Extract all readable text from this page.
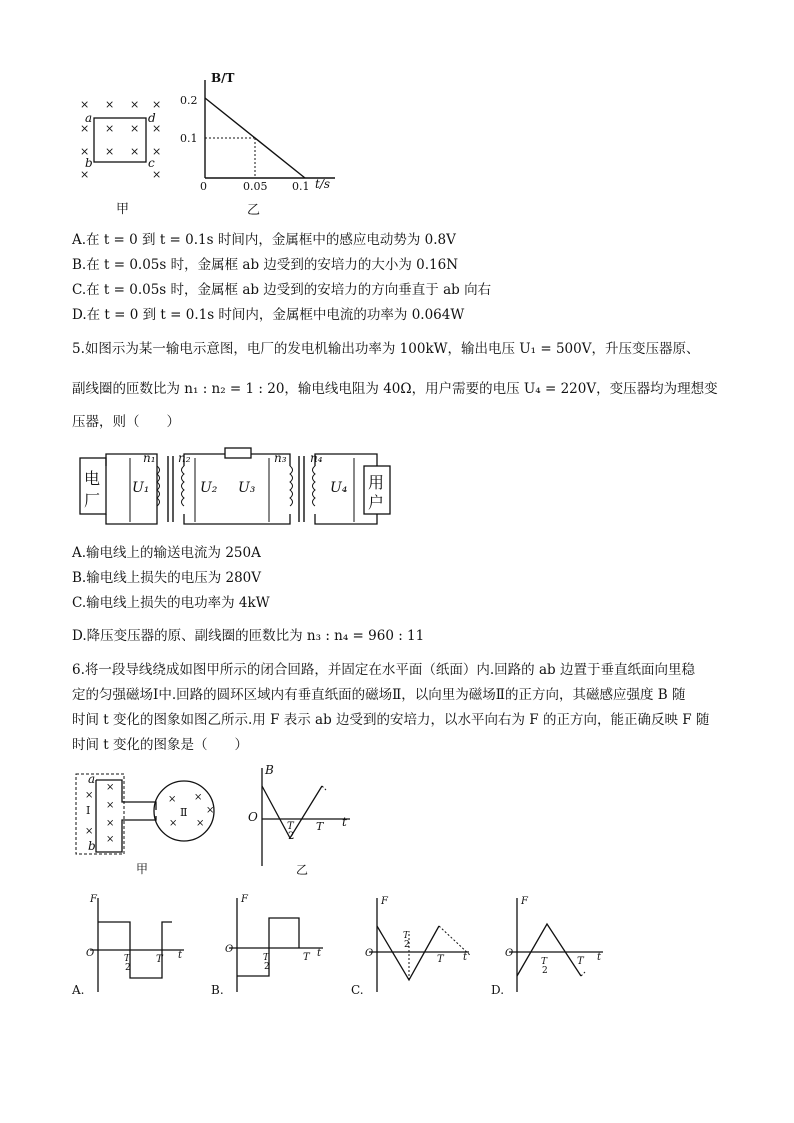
× × × ×
× × × ×
× × × ×
×	×
a	d
b	c
甲
B/T
t/s
0.2
0.1
0	0.05 0.1
乙
A.在 t = 0 到 t = 0.1s 时间内，金属框中的感应电动势为 0.8V
B.在 t = 0.05s 时，金属框 ab 边受到的安培力的大小为 0.16N
C.在 t = 0.05s 时，金属框 ab 边受到的安培力的方向垂直于 ab 向右
D.在 t = 0 到 t = 0.1s 时间内，金属框中电流的功率为 0.064W
5.如图示为某一输电示意图，电厂的发电机输出功率为 100kW，输出电压 U₁ = 500V，升压变压器原、
副线圈的匝数比为 n₁ : n₂ = 1 : 20，输电线电阻为 40Ω，用户需要的电压 U₄ = 220V，变压器均为理想变
压器，则（　　）
电
厂
U₁
n₁ n₂
U₂ U₃
n₃ n₄
U₄ 用
户
A.输电线上的输送电流为 250A
B.输电线上损失的电压为 280V
C.输电线上损失的电功率为 4kW
D.降压变压器的原、副线圈的匝数比为 n₃ : n₄ = 960 : 11
6.将一段导线绕成如图甲所示的闭合回路，并固定在水平面（纸面）内.回路的 ab 边置于垂直纸面向里稳
定的匀强磁场Ⅰ中.回路的圆环区域内有垂直纸面的磁场Ⅱ，以向里为磁场Ⅱ的正方向，其磁感应强度 B 随
时间 t 变化的图象如图乙所示.用 F 表示 ab 边受到的安培力，以水平向右为 F 的正方向，能正确反映 F 随
时间 t 变化的图象是（　　）
a
b
Ⅰ
×
×
×
×
×
×
× ×
× ×
×
Ⅱ
甲
B
O	t
T
2
T
乙
F
O	t
T
2
T
A.
F
O	t
T
2
T
B.
F
O	t
T
2
T
C.
F
O	t
T
2
T
D.
